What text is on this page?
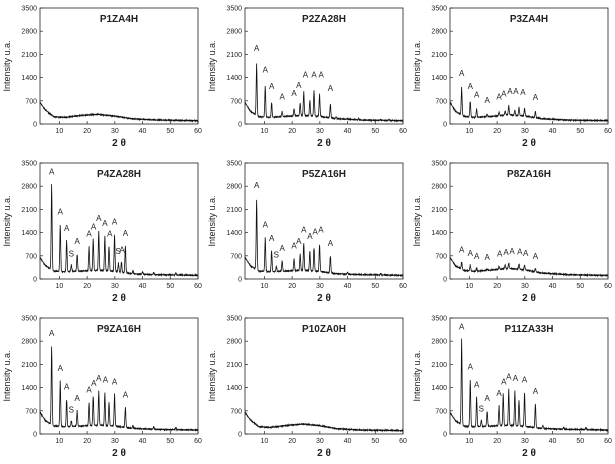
0
700
1400
2100
2800
3500
10	20	30	40	50	60
Intensity u.a.
2 θ
P1ZA4H
0
700
1400
2100
2800
3500
10	20	30	40	50	60
Intensity u.a.
2 θ
P2ZA28H
A
A
A
A A
A
A A A
A
0
700
1400
2100
2800
3500
10	20	30	40	50	60
Intensity u.a.
2 θ
P3ZA4H
A
A
A
A A A A A A
A
0
700
1400
2100
2800
3500
10	20	30	40	50	60
Intensity u.a.
2 θ
P4ZA28H
A
A
A
S
A
A
A
A
A A
A A
S
A
0
700
1400
2100
2800
3500
10	20	30	40	50	60
Intensity u.a.
2 θ
P5ZA16H
A
A
A
S
A A
A
A
A
A A
A
0
700
1400
2100
2800
3500
10	20	30	40	50	60
Intensity u.a.
2 θ
P8ZA16H
A A A A A A A A A A
0
700
1400
2100
2800
3500
10	20	30	40	50	60
Intensity u.a.
2 θ
P9ZA16H
A
A
A
S
A
A
A
A A A
A
0
700
1400
2100
2800
3500
10	20	30	40	50	60
Intensity u.a.
2 θ
P10ZA0H
0
700
1400
2100
2800
3500
10	20	30	40	50	60
Intensity u.a.
2 θ
P11ZA33H
A
A
A
S
A
A
A
A A A
A
